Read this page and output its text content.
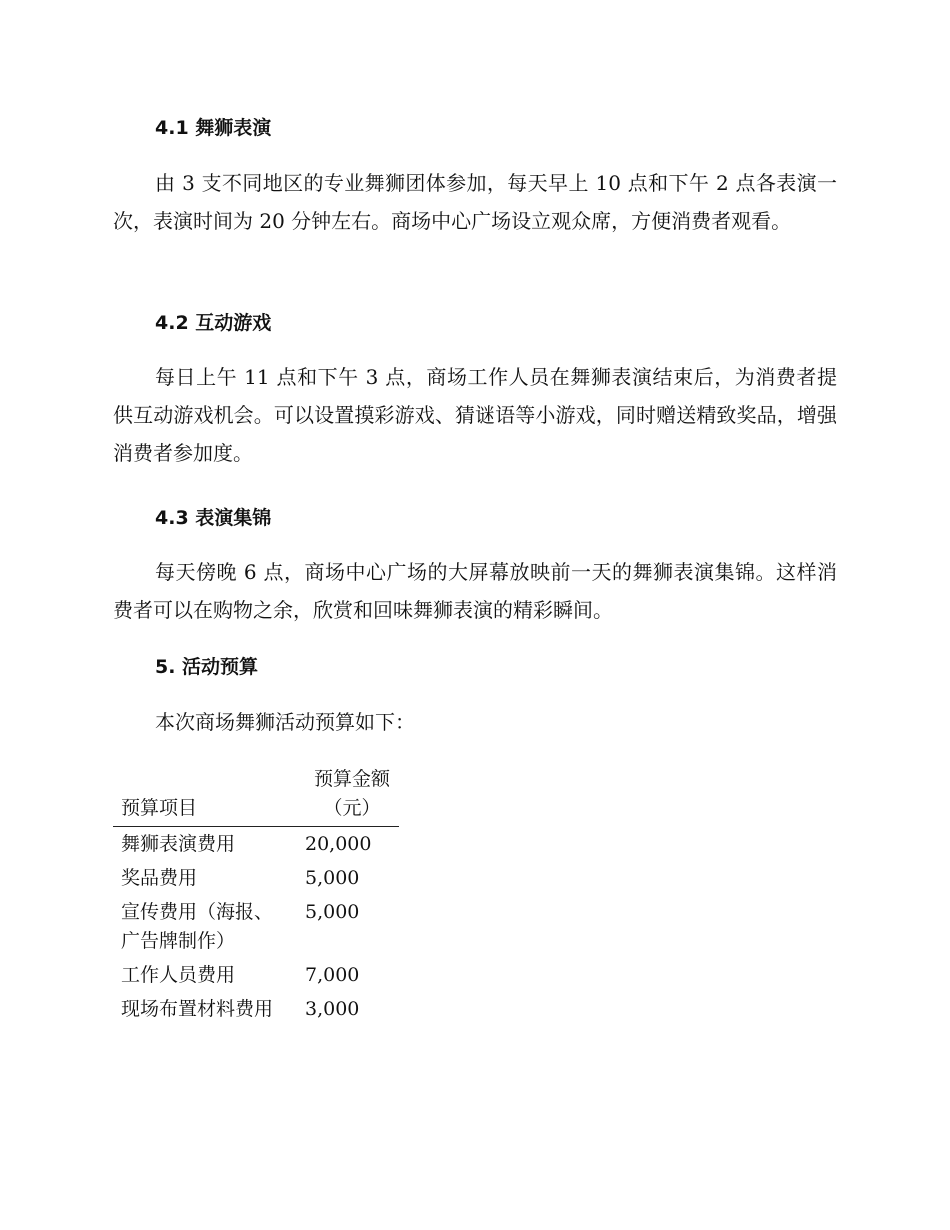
4.1 舞狮表演

由 3 支不同地区的专业舞狮团体参加，每天早上 10 点和下午 2 点各表演一次，表演时间为 20 分钟左右。商场中心广场设立观众席，方便消费者观看。

4.2 互动游戏

每日上午 11 点和下午 3 点，商场工作人员在舞狮表演结束后，为消费者提供互动游戏机会。可以设置摸彩游戏、猜谜语等小游戏，同时赠送精致奖品，增强消费者参加度。

4.3 表演集锦

每天傍晚 6 点，商场中心广场的大屏幕放映前一天的舞狮表演集锦。这样消费者可以在购物之余，欣赏和回味舞狮表演的精彩瞬间。

5. 活动预算

本次商场舞狮活动预算如下：

预算项目	预算金额（元）
舞狮表演费用	20,000
奖品费用	5,000
宣传费用（海报、广告牌制作）	5,000
工作人员费用	7,000
现场布置材料费用	3,000
